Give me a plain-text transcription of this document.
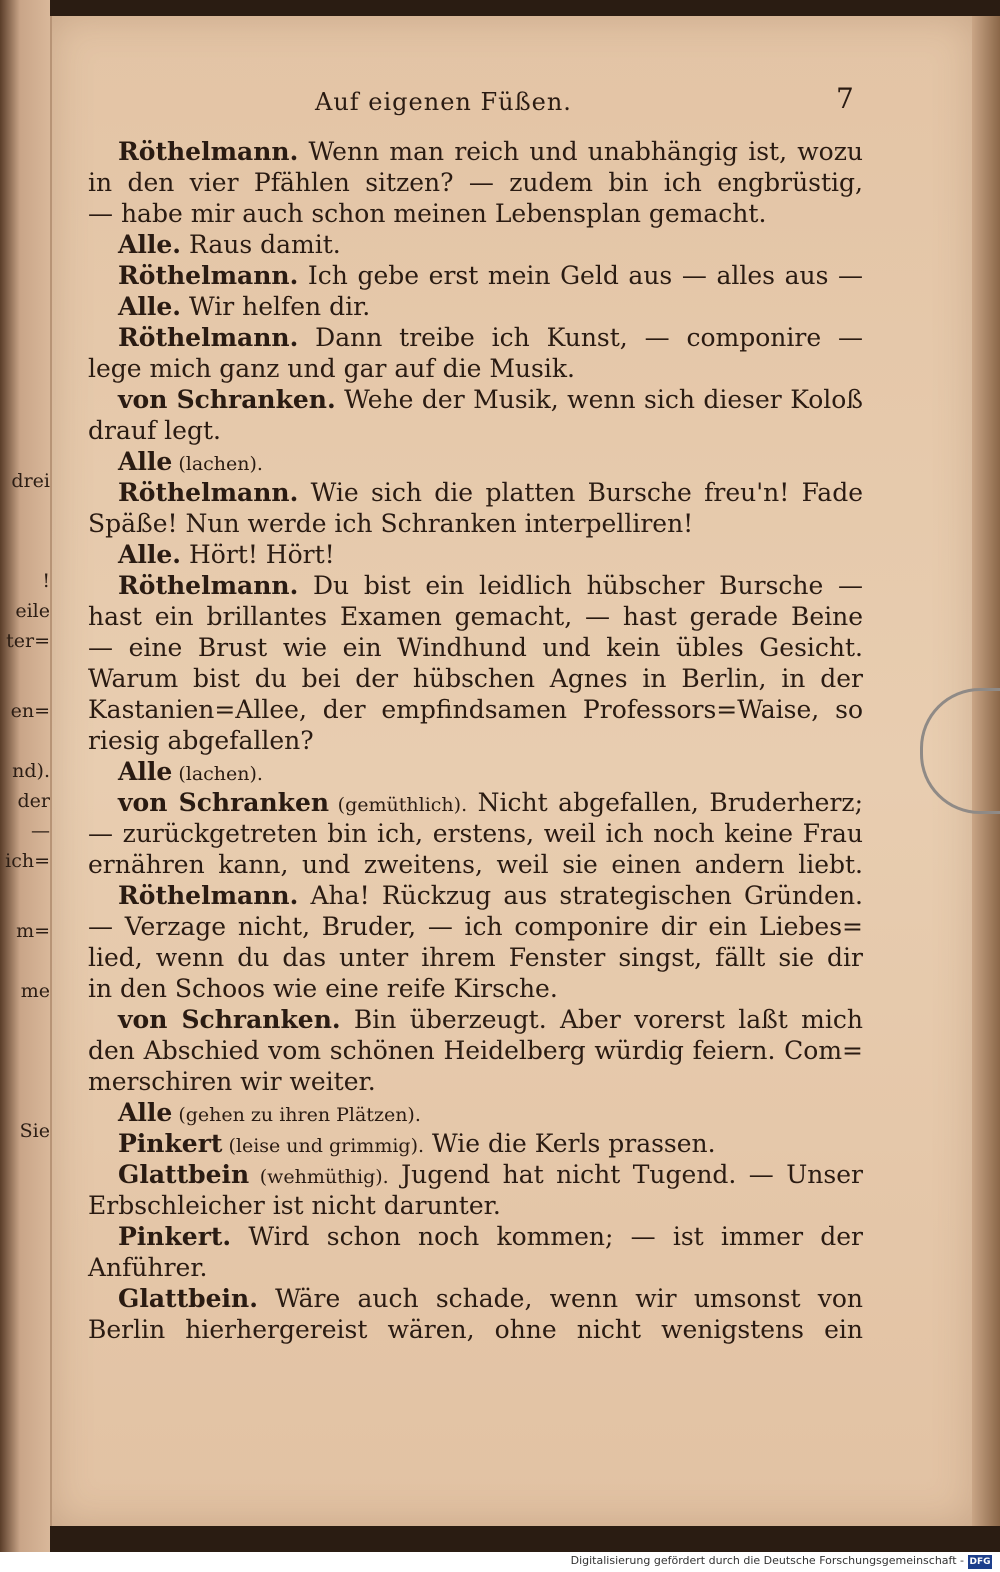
drei
!
eile
ter=
en=
nd).
der
—
ich=
m=
me
Sie
Auf eigenen Füßen.	7
Röthelmann. Wenn man reich und unabhängig ist, wozu
in den vier Pfählen sitzen? — zudem bin ich engbrüstig,
— habe mir auch schon meinen Lebensplan gemacht.
Alle. Raus damit.
Röthelmann. Ich gebe erst mein Geld aus — alles aus —
Alle. Wir helfen dir.
Röthelmann. Dann treibe ich Kunst, — componire —
lege mich ganz und gar auf die Musik.
von Schranken. Wehe der Musik, wenn sich dieser Koloß
drauf legt.
Alle (lachen).
Röthelmann. Wie sich die platten Bursche freu'n! Fade
Späße! Nun werde ich Schranken interpelliren!
Alle. Hört! Hört!
Röthelmann. Du bist ein leidlich hübscher Bursche —
hast ein brillantes Examen gemacht, — hast gerade Beine
— eine Brust wie ein Windhund und kein übles Gesicht.
Warum bist du bei der hübschen Agnes in Berlin, in der
Kastanien=Allee, der empfindsamen Professors=Waise, so
riesig abgefallen?
Alle (lachen).
von Schranken (gemüthlich). Nicht abgefallen, Bruderherz;
— zurückgetreten bin ich, erstens, weil ich noch keine Frau
ernähren kann, und zweitens, weil sie einen andern liebt.
Röthelmann. Aha! Rückzug aus strategischen Gründen.
— Verzage nicht, Bruder, — ich componire dir ein Liebes=
lied, wenn du das unter ihrem Fenster singst, fällt sie dir
in den Schoos wie eine reife Kirsche.
von Schranken. Bin überzeugt. Aber vorerst laßt mich
den Abschied vom schönen Heidelberg würdig feiern. Com=
merschiren wir weiter.
Alle (gehen zu ihren Plätzen).
Pinkert (leise und grimmig). Wie die Kerls prassen.
Glattbein (wehmüthig). Jugend hat nicht Tugend. — Unser
Erbschleicher ist nicht darunter.
Pinkert. Wird schon noch kommen; — ist immer der
Anführer.
Glattbein. Wäre auch schade, wenn wir umsonst von
Berlin hierhergereist wären, ohne nicht wenigstens ein
Digitalisierung gefördert durch die Deutsche Forschungsgemeinschaft - DFG
